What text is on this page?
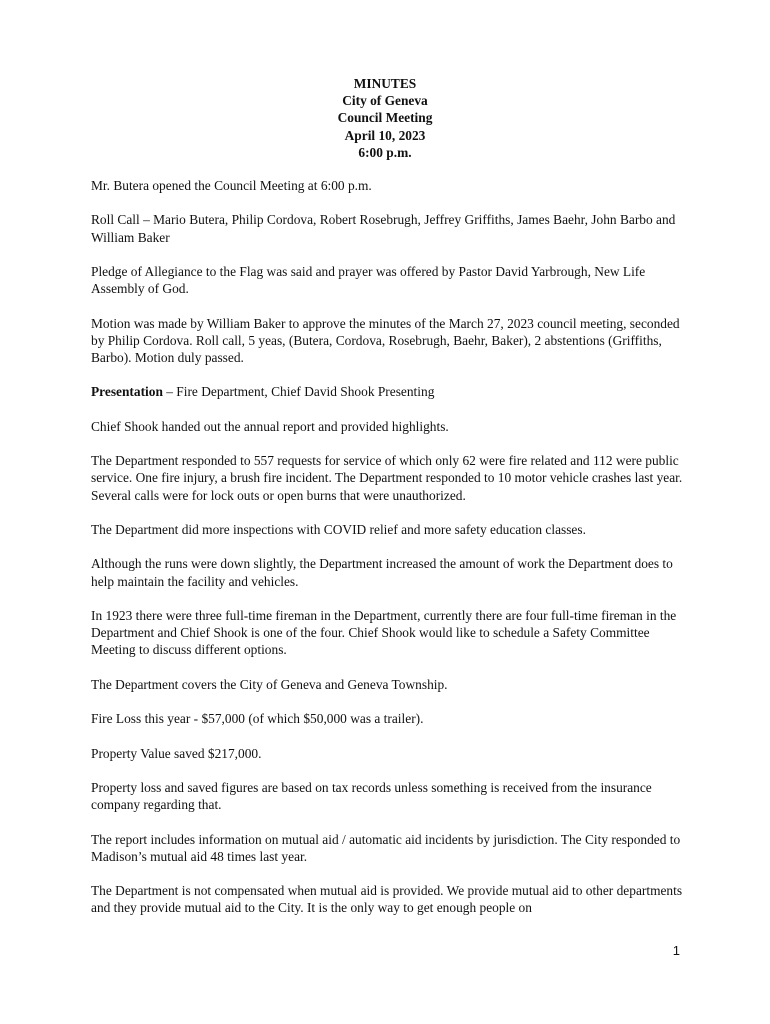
MINUTES
City of Geneva
Council Meeting
April 10, 2023
6:00 p.m.

Mr. Butera opened the Council Meeting at 6:00 p.m.

Roll Call – Mario Butera, Philip Cordova, Robert Rosebrugh, Jeffrey Griffiths, James Baehr, John Barbo and William Baker

Pledge of Allegiance to the Flag was said and prayer was offered by Pastor David Yarbrough, New Life Assembly of God.

Motion was made by William Baker to approve the minutes of the March 27, 2023 council meeting, seconded by Philip Cordova. Roll call, 5 yeas, (Butera, Cordova, Rosebrugh, Baehr, Baker), 2 abstentions (Griffiths, Barbo). Motion duly passed.

Presentation – Fire Department, Chief David Shook Presenting

Chief Shook handed out the annual report and provided highlights.

The Department responded to 557 requests for service of which only 62 were fire related and 112 were public service. One fire injury, a brush fire incident. The Department responded to 10 motor vehicle crashes last year. Several calls were for lock outs or open burns that were unauthorized.

The Department did more inspections with COVID relief and more safety education classes.

Although the runs were down slightly, the Department increased the amount of work the Department does to help maintain the facility and vehicles.

In 1923 there were three full-time fireman in the Department, currently there are four full-time fireman in the Department and Chief Shook is one of the four. Chief Shook would like to schedule a Safety Committee Meeting to discuss different options.

The Department covers the City of Geneva and Geneva Township.

Fire Loss this year - $57,000 (of which $50,000 was a trailer).

Property Value saved $217,000.

Property loss and saved figures are based on tax records unless something is received from the insurance company regarding that.

The report includes information on mutual aid / automatic aid incidents by jurisdiction. The City responded to Madison’s mutual aid 48 times last year.

The Department is not compensated when mutual aid is provided. We provide mutual aid to other departments and they provide mutual aid to the City. It is the only way to get enough people on

1
